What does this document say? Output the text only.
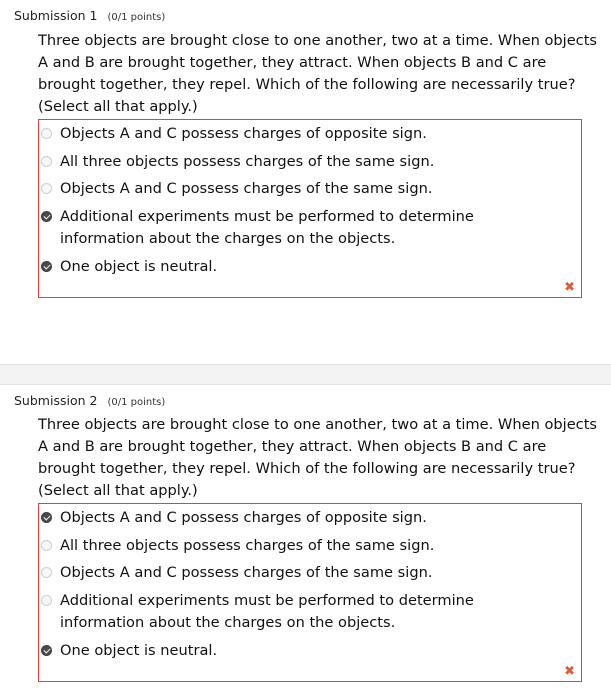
Submission 1 (0/1 points)
Three objects are brought close to one another, two at a time. When objects A and B are brought together, they attract. When objects B and C are brought together, they repel. Which of the following are necessarily true? (Select all that apply.)
Objects A and C possess charges of opposite sign.
All three objects possess charges of the same sign.
Objects A and C possess charges of the same sign.
Additional experiments must be performed to determine information about the charges on the objects.
One object is neutral.
✖
Submission 2 (0/1 points)
Three objects are brought close to one another, two at a time. When objects A and B are brought together, they attract. When objects B and C are brought together, they repel. Which of the following are necessarily true? (Select all that apply.)
Objects A and C possess charges of opposite sign.
All three objects possess charges of the same sign.
Objects A and C possess charges of the same sign.
Additional experiments must be performed to determine information about the charges on the objects.
One object is neutral.
✖
